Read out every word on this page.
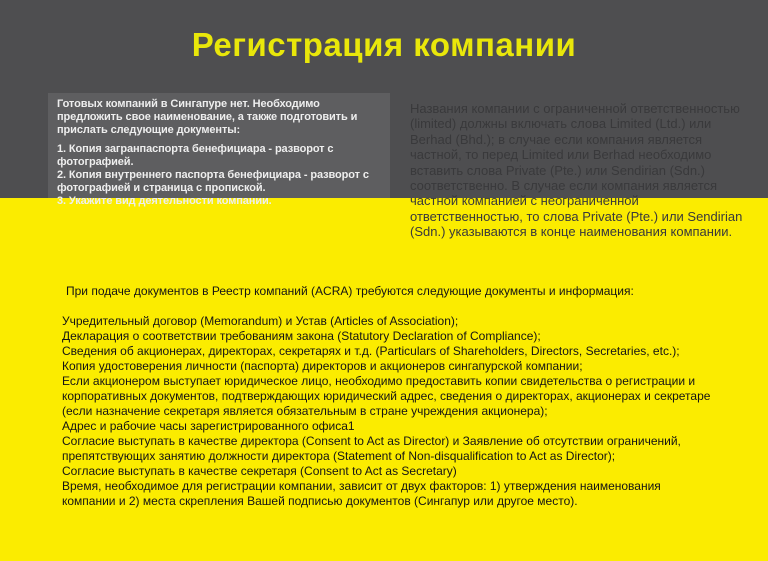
Регистрация компании

Готовых компаний в Сингапуре нет. Необходимо предложить свое наименование, а также подготовить и прислать следующие документы:

1. Копия загранпаспорта бенефициара - разворот с фотографией.

2. Копия внутреннего паспорта бенефициара - разворот с фотографией и страница с пропиской.

3. Укажите вид деятельности компании.

Названия компании с ограниченной ответственностью (limited) должны включать слова Limited (Ltd.) или Berhad (Bhd.); в случае если компания является частной, то перед Limited или Berhad необходимо вставить слова Private (Pte.) или Sendirian (Sdn.) соответственно. В случае если компания является частной компанией с неограниченной ответственностью, то слова Private (Pte.) или Sendirian (Sdn.) указываются в конце наименования компании.

При подаче документов в Реестр компаний (ACRA) требуются следующие документы и информация:

Учредительный договор (Memorandum) и Устав (Articles of Association);

Декларация о соответствии требованиям закона (Statutory Declaration of Compliance);

Сведения об акционерах, директорах, секретарях и т.д. (Particulars of Shareholders, Directors, Secretaries, etc.);

Копия удостоверения личности (паспорта) директоров и акционеров сингапурской компании;

Если акционером выступает юридическое лицо, необходимо предоставить копии свидетельства о регистрации и корпоративных документов, подтверждающих юридический адрес, сведения о директорах, акционерах и секретаре (если назначение секретаря является обязательным в стране учреждения акционера);

Адрес и рабочие часы зарегистрированного офиса1

Согласие выступать в качестве директора (Consent to Act as Director) и Заявление об отсутствии ограничений, препятствующих занятию должности директора (Statement of Non-disqualification to Act as Director);

Согласие выступать в качестве секретаря (Consent to Act as Secretary)

Время, необходимое для регистрации компании, зависит от двух факторов: 1) утверждения наименования компании и 2) места скрепления Вашей подписью документов (Сингапур или другое место).
